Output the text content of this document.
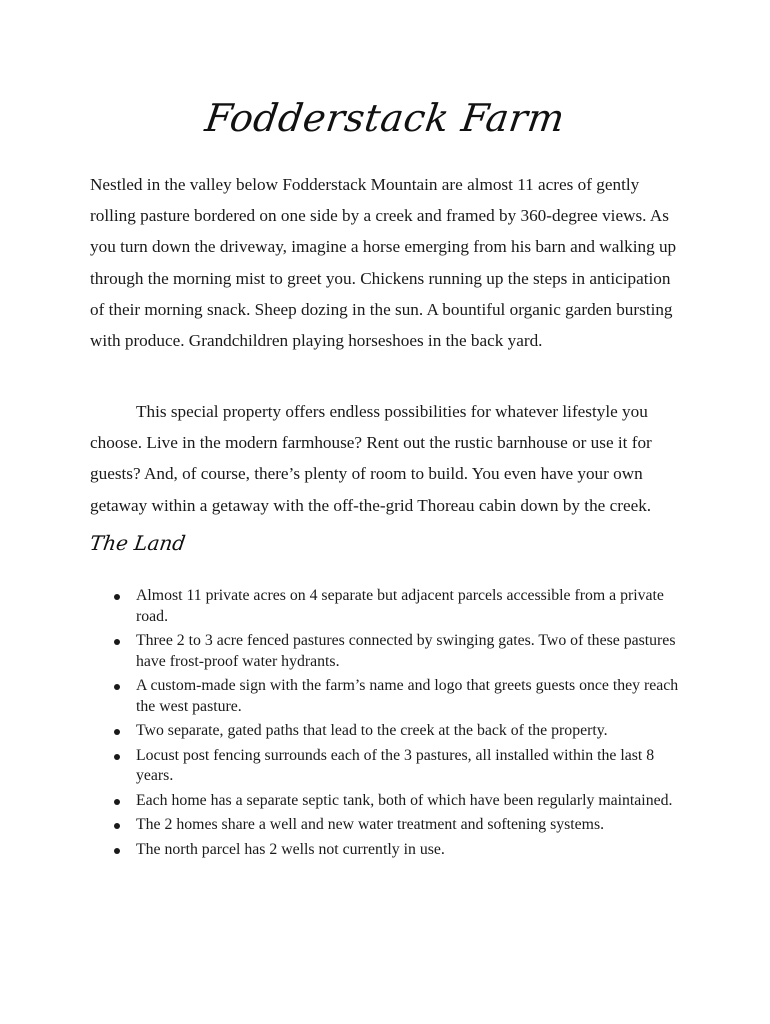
Fodderstack Farm

Nestled in the valley below Fodderstack Mountain are almost 11 acres of gently rolling pasture bordered on one side by a creek and framed by 360-degree views. As you turn down the driveway, imagine a horse emerging from his barn and walking up through the morning mist to greet you. Chickens running up the steps in anticipation of their morning snack. Sheep dozing in the sun. A bountiful organic garden bursting with produce. Grandchildren playing horseshoes in the back yard.

This special property offers endless possibilities for whatever lifestyle you choose. Live in the modern farmhouse? Rent out the rustic barnhouse or use it for guests? And, of course, there’s plenty of room to build. You even have your own getaway within a getaway with the off-the-grid Thoreau cabin down by the creek.

The Land
Almost 11 private acres on 4 separate but adjacent parcels accessible from a private road.
Three 2 to 3 acre fenced pastures connected by swinging gates. Two of these pastures have frost-proof water hydrants.
A custom-made sign with the farm’s name and logo that greets guests once they reach the west pasture.
Two separate, gated paths that lead to the creek at the back of the property.
Locust post fencing surrounds each of the 3 pastures, all installed within the last 8 years.
Each home has a separate septic tank, both of which have been regularly maintained.
The 2 homes share a well and new water treatment and softening systems.
The north parcel has 2 wells not currently in use.
